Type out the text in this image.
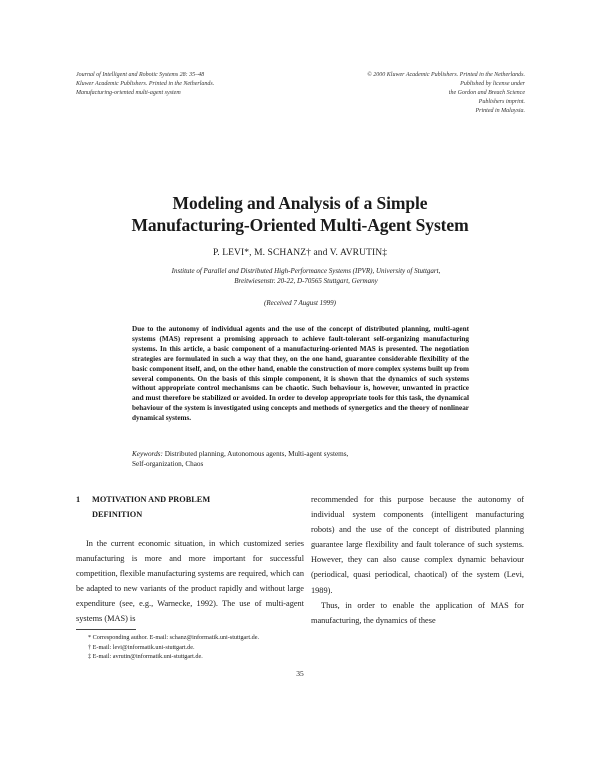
Journal of Intelligent and Robotic Systems 28: 35–48
Kluwer Academic Publishers. Printed in the Netherlands.
Manufacturing-oriented multi-agent system
© 2000 Kluwer Academic Publishers. Printed in the Netherlands.
Published by license under
the Gordon and Breach Science
Publishers imprint.
Printed in Malaysia.
Modeling and Analysis of a Simple
Manufacturing-Oriented Multi-Agent System
P. LEVI*, M. SCHANZ† and V. AVRUTIN‡
Institute of Parallel and Distributed High-Performance Systems (IPVR), University of Stuttgart,
Breitwiesenstr. 20-22, D-70565 Stuttgart, Germany
(Received 7 August 1999)
Due to the autonomy of individual agents and the use of the concept of distributed planning, multi-agent systems (MAS) represent a promising approach to achieve fault-tolerant self-organizing manufacturing systems. In this article, a basic component of a manufacturing-oriented MAS is presented. The negotiation strategies are formulated in such a way that they, on the one hand, guarantee considerable flexibility of the basic component itself, and, on the other hand, enable the construction of more complex systems built up from several components. On the basis of this simple component, it is shown that the dynamics of such systems without appropriate control mechanisms can be chaotic. Such behaviour is, however, unwanted in practice and must therefore be stabilized or avoided. In order to develop appropriate tools for this task, the dynamical behaviour of the system is investigated using concepts and methods of synergetics and the theory of nonlinear dynamical systems.
Keywords: Distributed planning, Autonomous agents, Multi-agent systems,
Self-organization, Chaos
1 MOTIVATION AND PROBLEM
DEFINITION
In the current economic situation, in which customized series manufacturing is more and more important for successful competition, flexible manufacturing systems are required, which can be adapted to new variants of the product rapidly and without large expenditure (see, e.g., Warnecke, 1992). The use of multi-agent systems (MAS) is
recommended for this purpose because the autonomy of individual system components (intelligent manufacturing robots) and the use of the concept of distributed planning guarantee large flexibility and fault tolerance of such systems. However, they can also cause complex dynamic behaviour (periodical, quasi periodical, chaotical) of the system (Levi, 1989).
Thus, in order to enable the application of MAS for manufacturing, the dynamics of these
* Corresponding author. E-mail: schanz@informatik.uni-stuttgart.de.
† E-mail: levi@informatik.uni-stuttgart.de.
‡ E-mail: avrutin@informatik.uni-stuttgart.de.
35
